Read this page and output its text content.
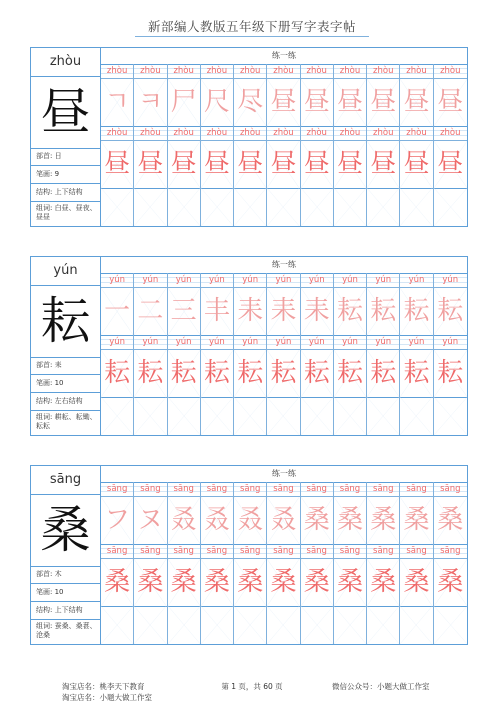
新部编人教版五年级下册写字表字帖
zhòu
昼
部首: 日
笔画: 9
结构: 上下结构
组词: 白昼、昼夜、昼昼
练一练
zhòu
ㄱ
zhòu
ㅋ
zhòu
尸
zhòu
尺
zhòu
尽
zhòu
昼
zhòu
昼
zhòu
昼
zhòu
昼
zhòu
昼
zhòu
昼
zhòu
昼
zhòu
昼
zhòu
昼
zhòu
昼
zhòu
昼
zhòu
昼
zhòu
昼
zhòu
昼
zhòu
昼
zhòu
昼
zhòu
昼
yún
耘
部首: 耒
笔画: 10
结构: 左右结构
组词: 耕耘、耘锄、耘耘
练一练
yún
一
yún
二
yún
三
yún
丰
yún
耒
yún
耒
yún
耒
yún
耘
yún
耘
yún
耘
yún
耘
yún
耘
yún
耘
yún
耘
yún
耘
yún
耘
yún
耘
yún
耘
yún
耘
yún
耘
yún
耘
yún
耘
sāng
桑
部首: 木
笔画: 10
结构: 上下结构
组词: 蚕桑、桑葚、沧桑
练一练
sāng
フ
sāng
ヌ
sāng
叒
sāng
叒
sāng
叒
sāng
叒
sāng
桑
sāng
桑
sāng
桑
sāng
桑
sāng
桑
sāng
桑
sāng
桑
sāng
桑
sāng
桑
sāng
桑
sāng
桑
sāng
桑
sāng
桑
sāng
桑
sāng
桑
sāng
桑
淘宝店名：桃李天下教育
淘宝店名：小题大做工作室
第 1 页，共 60 页	微信公众号：小题大做工作室
